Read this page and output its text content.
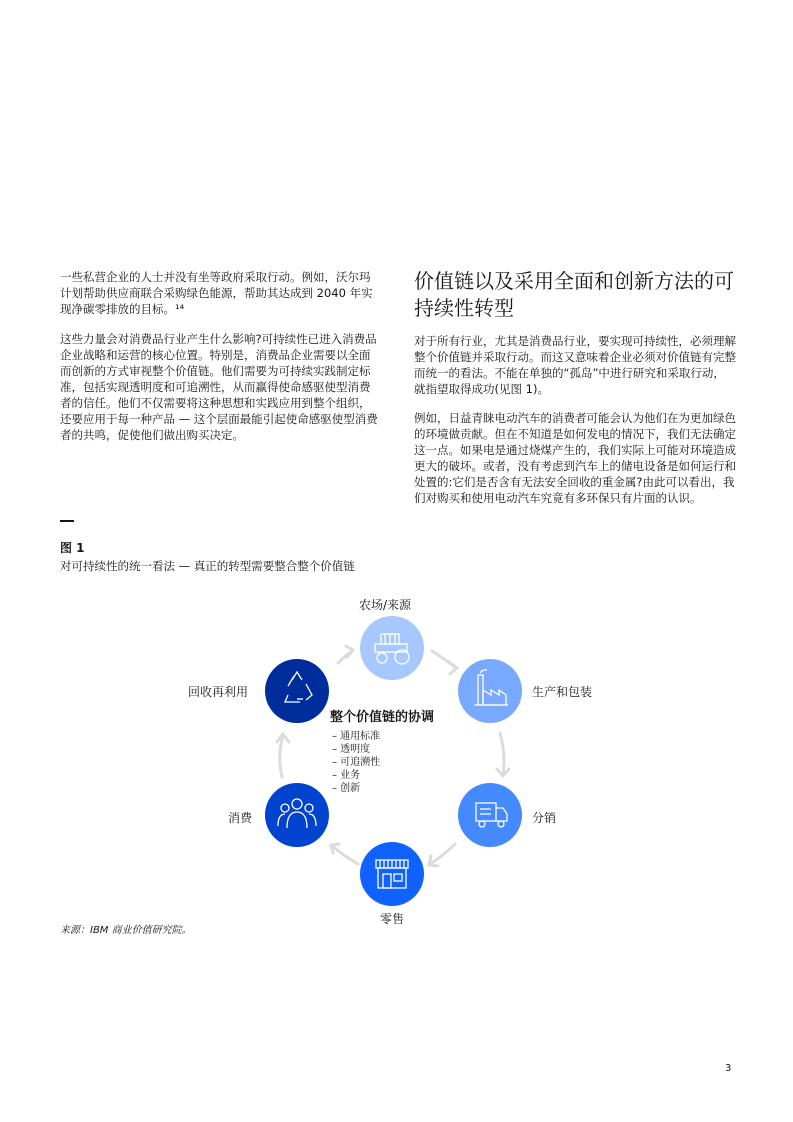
一些私营企业的人士并没有坐等政府采取行动。例如，沃尔玛计划帮助供应商联合采购绿色能源，帮助其达成到 2040 年实现净碳零排放的目标。¹⁴

这些力量会对消费品行业产生什么影响?可持续性已进入消费品企业战略和运营的核心位置。特别是，消费品企业需要以全面而创新的方式审视整个价值链。他们需要为可持续实践制定标准，包括实现透明度和可追溯性，从而赢得使命感驱使型消费者的信任。他们不仅需要将这种思想和实践应用到整个组织，还要应用于每一种产品 — 这个层面最能引起使命感驱使型消费者的共鸣，促使他们做出购买决定。

价值链以及采用全面和创新方法的可持续性转型

对于所有行业，尤其是消费品行业，要实现可持续性，必须理解整个价值链并采取行动。而这又意味着企业必须对价值链有完整而统一的看法。不能在单独的“孤岛”中进行研究和采取行动，就指望取得成功(见图 1)。

例如，日益青睐电动汽车的消费者可能会认为他们在为更加绿色的环境做贡献。但在不知道是如何发电的情况下，我们无法确定这一点。如果电是通过烧煤产生的，我们实际上可能对环境造成更大的破坏。或者，没有考虑到汽车上的储电设备是如何运行和处置的:它们是否含有无法安全回收的重金属?由此可以看出，我们对购买和使用电动汽车究竟有多环保只有片面的认识。

图 1
对可持续性的统一看法 — 真正的转型需要整合整个价值链
农场/来源
生产和包装
分销
零售
消费
回收再利用
整个价值链的协调
– 通用标准
– 透明度
– 可追溯性
– 业务
– 创新
来源：IBM 商业价值研究院。
3
